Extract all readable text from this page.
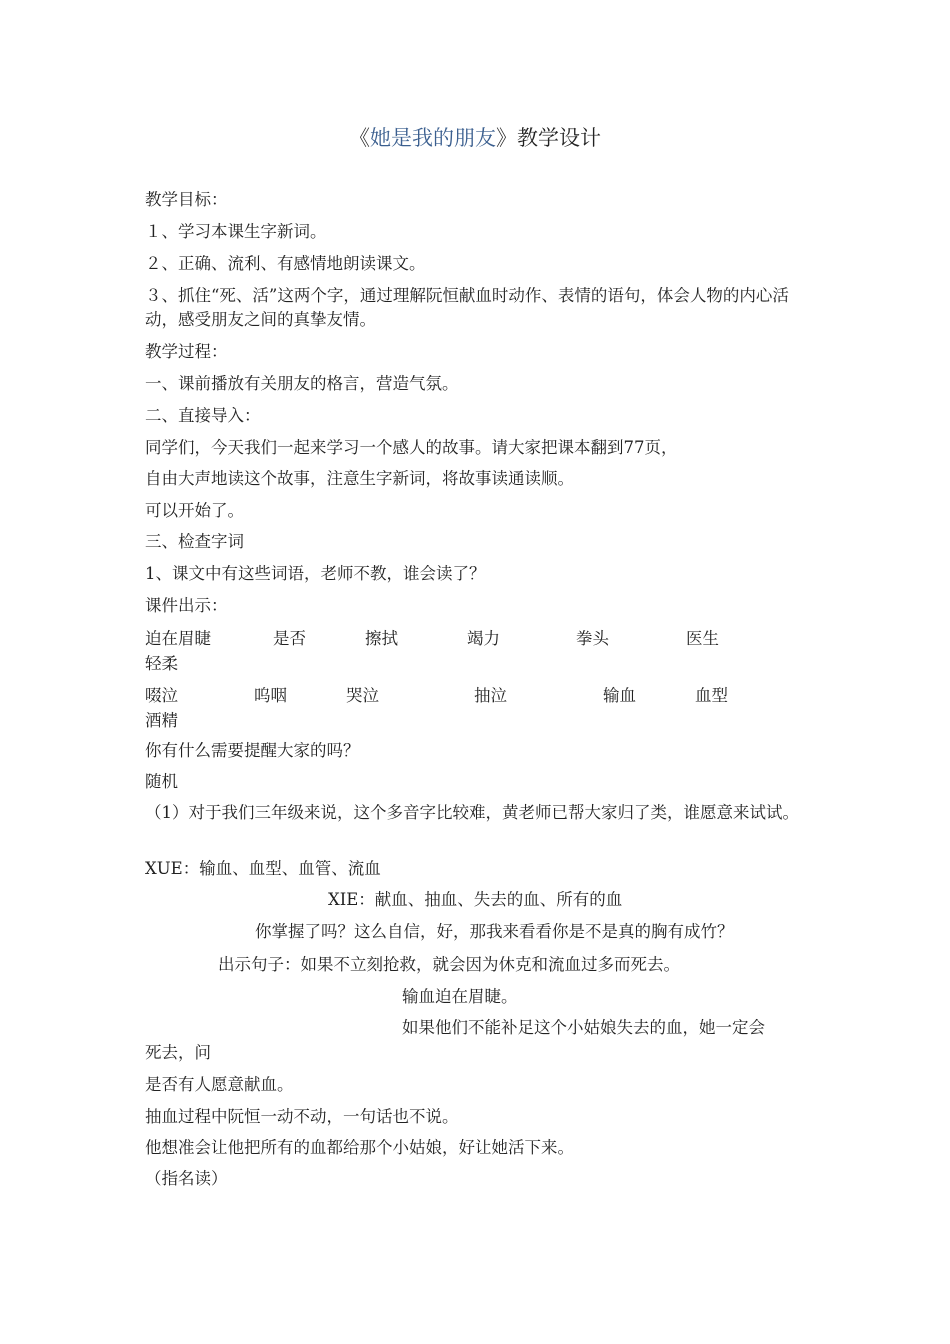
《她是我的朋友》教学设计
教学目标：
１、学习本课生字新词。
２、正确、流利、有感情地朗读课文。
３、抓住“死、活”这两个字，通过理解阮恒献血时动作、表情的语句，体会人物的内心活动，感受朋友之间的真挚友情。
教学过程：
一、课前播放有关朋友的格言，营造气氛。
二、直接导入：
同学们，今天我们一起来学习一个感人的故事。请大家把课本翻到77页，
自由大声地读这个故事，注意生字新词，将故事读通读顺。
可以开始了。
三、检查字词
1、课文中有这些词语，老师不教，谁会读了？
课件出示：
迫在眉睫	是否	擦拭	竭力	拳头	医生
轻柔
啜泣	呜咽	哭泣	抽泣	输血	血型
酒精
你有什么需要提醒大家的吗？
随机
（1）对于我们三年级来说，这个多音字比较难，黄老师已帮大家归了类，谁愿意来试试。
XUE：输血、血型、血管、流血
XIE：献血、抽血、失去的血、所有的血
你掌握了吗？这么自信，好，那我来看看你是不是真的胸有成竹？
出示句子：如果不立刻抢救，就会因为休克和流血过多而死去。
输血迫在眉睫。
如果他们不能补足这个小姑娘失去的血，她一定会
死去，问
是否有人愿意献血。
抽血过程中阮恒一动不动，一句话也不说。
他想准会让他把所有的血都给那个小姑娘，好让她活下来。
（指名读）
